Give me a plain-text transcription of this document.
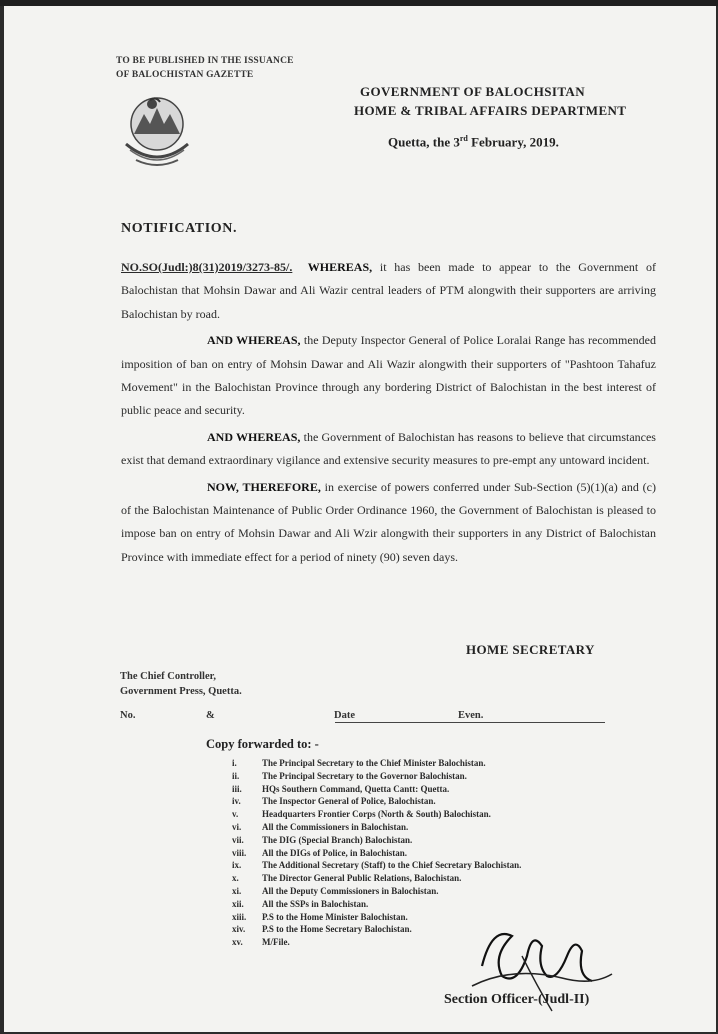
TO BE PUBLISHED IN THE ISSUANCE
OF BALOCHISTAN GAZETTE
GOVERNMENT OF BALOCHSITAN
HOME & TRIBAL AFFAIRS DEPARTMENT
Quetta, the 3rd February, 2019.
NOTIFICATION.

NO.SO(Judl:)8(31)2019/3273-85/. WHEREAS, it has been made to appear to the Government of Balochistan that Mohsin Dawar and Ali Wazir central leaders of PTM alongwith their supporters are arriving Balochistan by road.

AND WHEREAS, the Deputy Inspector General of Police Loralai Range has recommended imposition of ban on entry of Mohsin Dawar and Ali Wazir alongwith their supporters of "Pashtoon Tahafuz Movement" in the Balochistan Province through any bordering District of Balochistan in the best interest of public peace and security.

AND WHEREAS, the Government of Balochistan has reasons to believe that circumstances exist that demand extraordinary vigilance and extensive security measures to pre-empt any untoward incident.

NOW, THEREFORE, in exercise of powers conferred under Sub-Section (5)(1)(a) and (c) of the Balochistan Maintenance of Public Order Ordinance 1960, the Government of Balochistan is pleased to impose ban on entry of Mohsin Dawar and Ali Wzir alongwith their supporters in any District of Balochistan Province with immediate effect for a period of ninety (90) seven days.

HOME SECRETARY
The Chief Controller,
Government Press, Quetta.
No.	&	Date	Even.
Copy forwarded to: -
i.	The Principal Secretary to the Chief Minister Balochistan.
ii.	The Principal Secretary to the Governor Balochistan.
iii. HQs Southern Command, Quetta Cantt: Quetta.
iv. The Inspector General of Police, Balochistan.
v.	Headquarters Frontier Corps (North & South) Balochistan.
vi. All the Commissioners in Balochistan.
vii. The DIG (Special Branch) Balochistan.
viii. All the DIGs of Police, in Balochistan.
ix. The Additional Secretary (Staff) to the Chief Secretary Balochistan.
x.	The Director General Public Relations, Balochistan.
xi. All the Deputy Commissioners in Balochistan.
xii. All the SSPs in Balochistan.
xiii. P.S to the Home Minister Balochistan.
xiv. P.S to the Home Secretary Balochistan.
xv. M/File.
Section Officer-(Judl-II)
